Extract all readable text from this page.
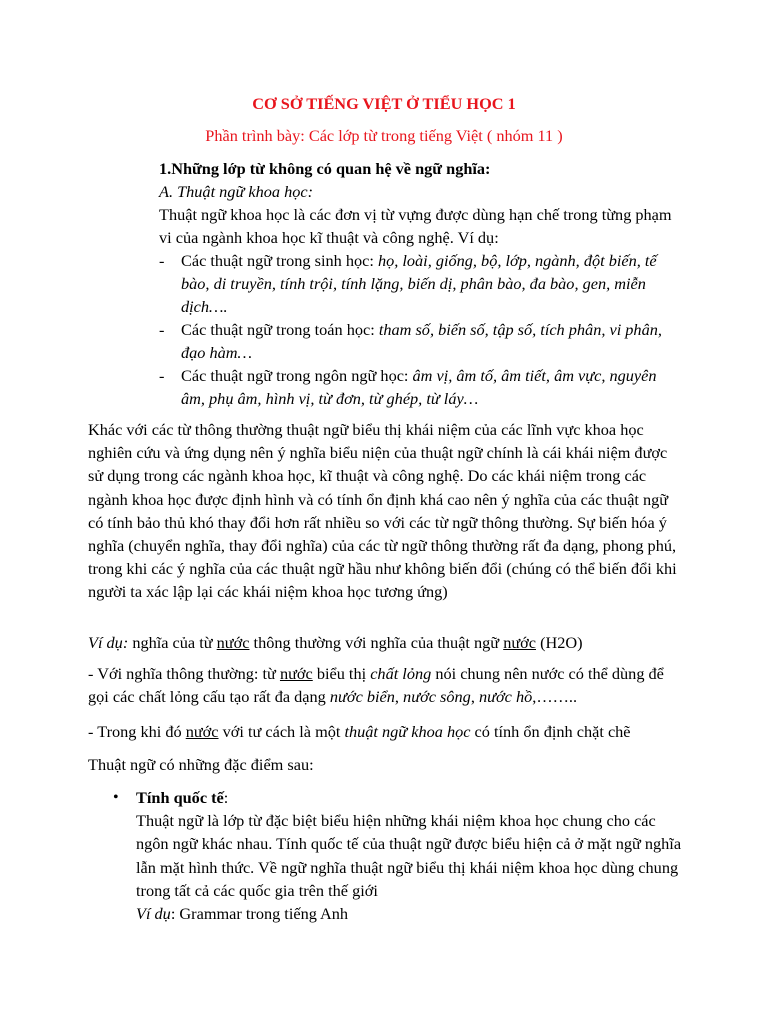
CƠ SỞ TIẾNG VIỆT Ở TIỂU HỌC 1
Phần trình bày: Các lớp từ trong tiếng Việt ( nhóm 11 )
1.Những lớp từ không có quan hệ về ngữ nghĩa:
A. Thuật ngữ khoa học:
Thuật ngữ khoa học là các đơn vị từ vựng được dùng hạn chế trong từng phạm vi của ngành khoa học kĩ thuật và công nghệ. Ví dụ:
- Các thuật ngữ trong sinh học: họ, loài, giống, bộ, lớp, ngành, đột biến, tế bào, di truyền, tính trội, tính lặng, biến dị, phân bào, đa bào, gen, miễn dịch….
- Các thuật ngữ trong toán học: tham số, biến số, tập số, tích phân, vi phân, đạo hàm…
- Các thuật ngữ trong ngôn ngữ học: âm vị, âm tố, âm tiết, âm vực, nguyên âm, phụ âm, hình vị, từ đơn, từ ghép, từ láy…

Khác với các từ thông thường thuật ngữ biểu thị khái niệm của các lĩnh vực khoa học nghiên cứu và ứng dụng nên ý nghĩa biểu niện của thuật ngữ chính là cái khái niệm được sử dụng trong các ngành khoa học, kĩ thuật và công nghệ. Do các khái niệm trong các ngành khoa học được định hình và có tính ổn định khá cao nên ý nghĩa của các thuật ngữ có tính bảo thủ khó thay đổi hơn rất nhiều so với các từ ngữ thông thường. Sự biến hóa ý nghĩa (chuyển nghĩa, thay đổi nghĩa) của các từ ngữ thông thường rất đa dạng, phong phú, trong khi các ý nghĩa của các thuật ngữ hầu như không biến đổi (chúng có thể biến đổi khi người ta xác lập lại các khái niệm khoa học tương ứng)

Ví dụ: nghĩa của từ nước thông thường với nghĩa của thuật ngữ nước (H2O)

- Với nghĩa thông thường: từ nước biểu thị chất lỏng nói chung nên nước có thể dùng để gọi các chất lỏng cấu tạo rất đa dạng nước biển, nước sông, nước hồ,……..

- Trong khi đó nước với tư cách là một thuật ngữ khoa học có tính ổn định chặt chẽ

Thuật ngữ có những đặc điểm sau:

• Tính quốc tế:
Thuật ngữ là lớp từ đặc biệt biểu hiện những khái niệm khoa học chung cho các ngôn ngữ khác nhau. Tính quốc tế của thuật ngữ được biểu hiện cả ở mặt ngữ nghĩa lẫn mặt hình thức. Về ngữ nghĩa thuật ngữ biểu thị khái niệm khoa học dùng chung trong tất cả các quốc gia trên thế giới
Ví dụ: Grammar trong tiếng Anh
